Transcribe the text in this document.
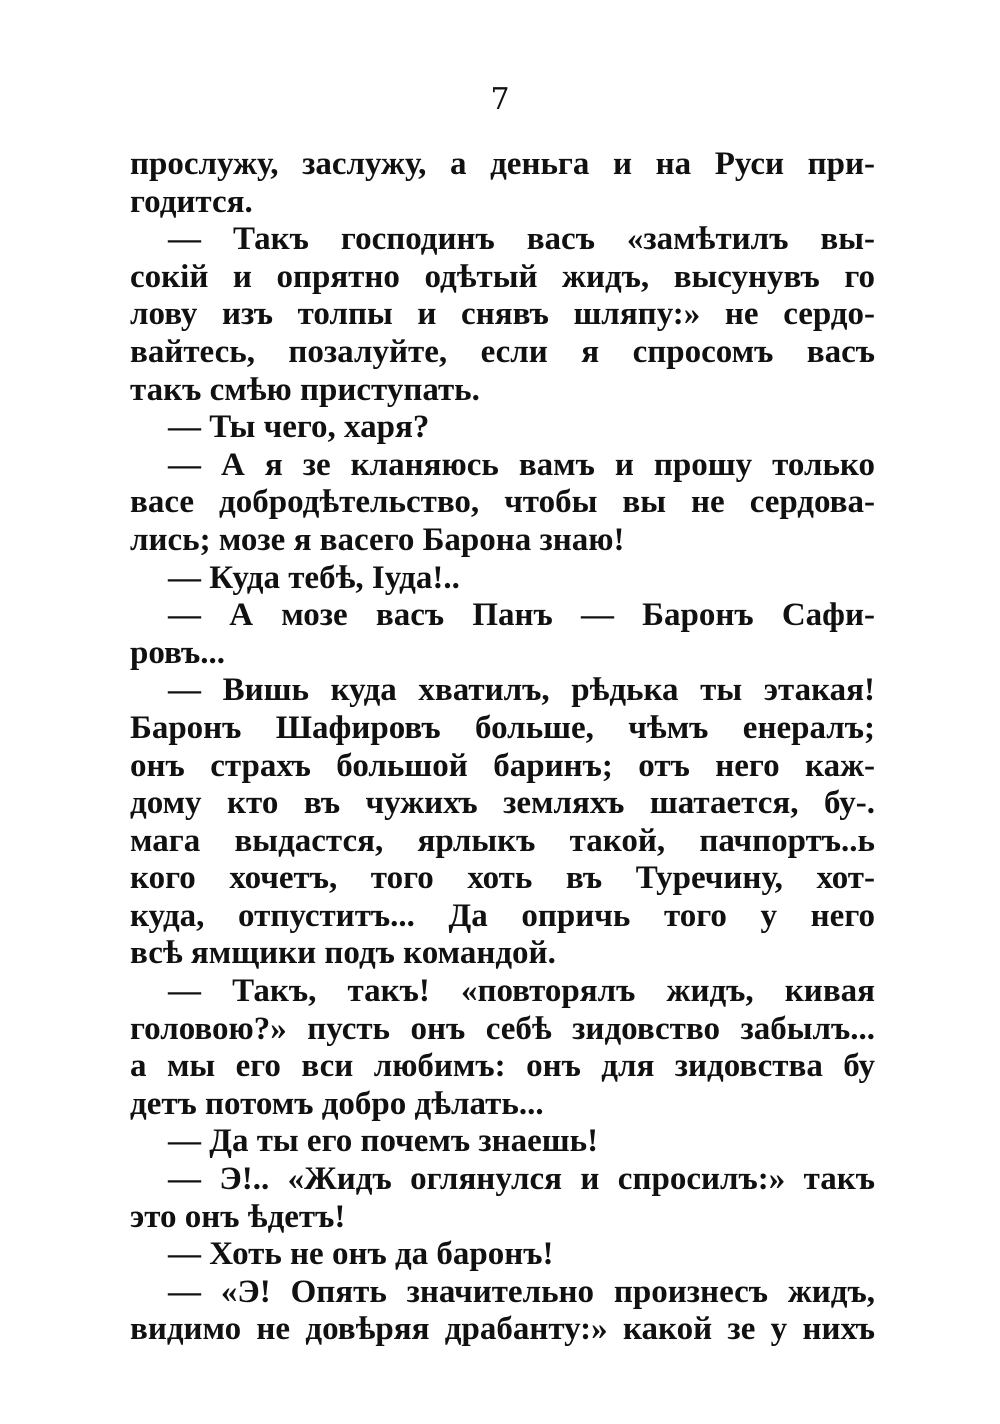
7
прослужу, заслужу, а деньга и на Руси при-
годится.
— Такъ господинъ васъ «замѣтилъ вы-
сокій и опрятно одѣтый жидъ, высунувъ го
лову изъ толпы и снявъ шляпу:» не сердо-
вайтесь, позалуйте, если я спросомъ васъ
такъ смѣю приступать.
— Ты чего, харя?
— А я зе кланяюсь вамъ и прошу только
васе добродѣтельство, чтобы вы не сердова-
лись; мозе я васего Барона знаю!
— Куда тебѣ, Іуда!..
— А мозе васъ Панъ — Баронъ Сафи-
ровъ...
— Вишь куда хватилъ, рѣдька ты этакая!
Баронъ Шафировъ больше, чѣмъ енералъ;
онъ страхъ большой баринъ; отъ него каж-
дому кто въ чужихъ земляхъ шатается, бу-.
мага выдастся, ярлыкъ такой, пачпортъ..ь
кого хочетъ, того хоть въ Туречину, хот-
куда, отпуститъ... Да опричь того у него
всѣ ямщики подъ командой.
— Такъ, такъ! «повторялъ жидъ, кивая
головою?» пусть онъ себѣ зидовство забылъ...
а мы его вси любимъ: онъ для зидовства бу
детъ потомъ добро дѣлать...
— Да ты его почемъ знаешь!
— Э!.. «Жидъ оглянулся и спросилъ:» такъ
это онъ ѣдетъ!
— Хоть не онъ да баронъ!
— «Э! Опять значительно произнесъ жидъ,
видимо не довѣряя драбанту:» какой зе у нихъ
